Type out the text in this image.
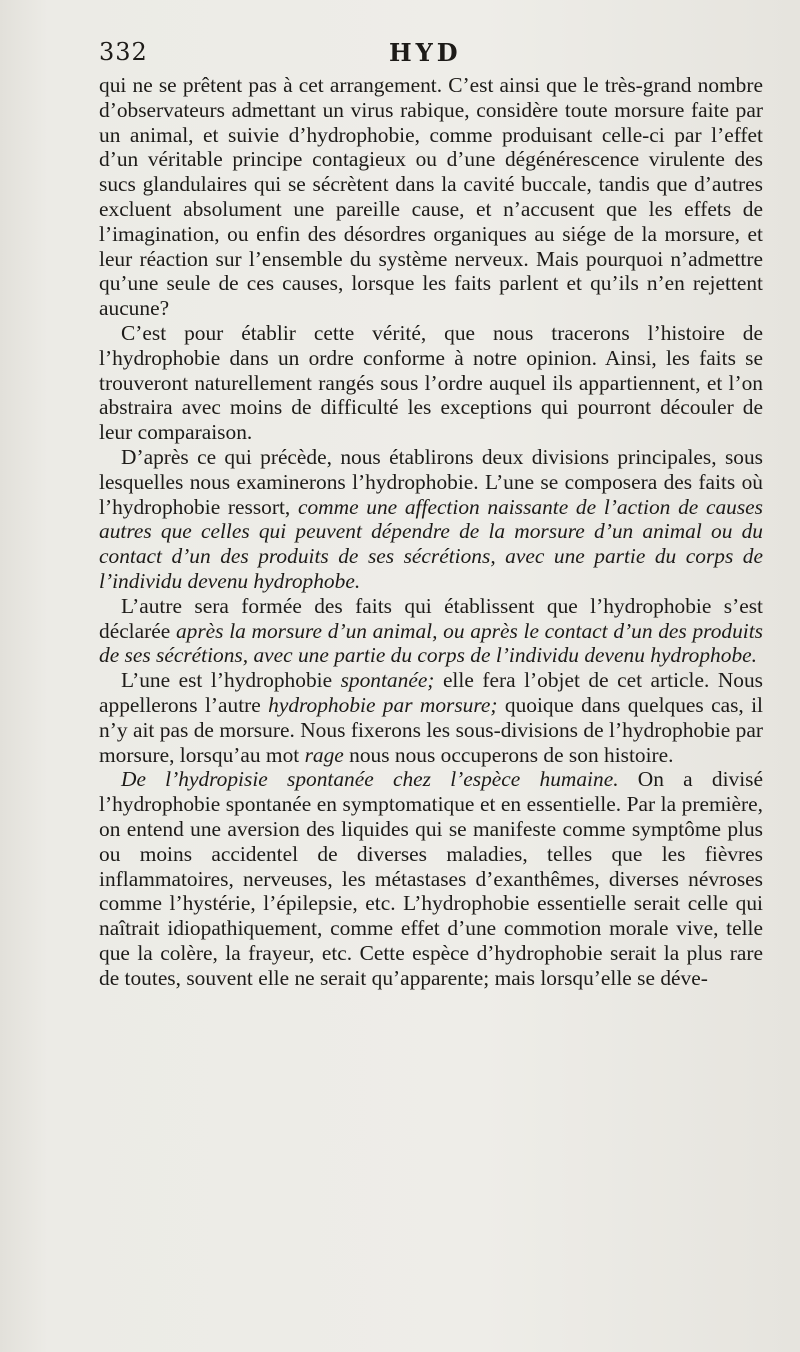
332	HYD

qui ne se prêtent pas à cet arrangement. C’est ainsi que le très-grand nombre d’observateurs admettant un virus rabique, considère toute morsure faite par un animal, et suivie d’hydrophobie, comme produisant celle-ci par l’effet d’un véritable principe contagieux ou d’une dégénérescence virulente des sucs glandulaires qui se sécrètent dans la cavité buccale, tandis que d’autres excluent absolument une pareille cause, et n’accusent que les effets de l’imagination, ou enfin des désordres organiques au siége de la morsure, et leur réaction sur l’ensemble du système nerveux. Mais pourquoi n’admettre qu’une seule de ces causes, lorsque les faits parlent et qu’ils n’en rejettent aucune?

C’est pour établir cette vérité, que nous tracerons l’histoire de l’hydrophobie dans un ordre conforme à notre opinion. Ainsi, les faits se trouveront naturellement rangés sous l’ordre auquel ils appartiennent, et l’on abstraira avec moins de difficulté les exceptions qui pourront découler de leur comparaison.

D’après ce qui précède, nous établirons deux divisions principales, sous lesquelles nous examinerons l’hydrophobie. L’une se composera des faits où l’hydrophobie ressort, comme une affection naissante de l’action de causes autres que celles qui peuvent dépendre de la morsure d’un animal ou du contact d’un des produits de ses sécrétions, avec une partie du corps de l’individu devenu hydrophobe.

L’autre sera formée des faits qui établissent que l’hydrophobie s’est déclarée après la morsure d’un animal, ou après le contact d’un des produits de ses sécrétions, avec une partie du corps de l’individu devenu hydrophobe.

L’une est l’hydrophobie spontanée; elle fera l’objet de cet article. Nous appellerons l’autre hydrophobie par morsure; quoique dans quelques cas, il n’y ait pas de morsure. Nous fixerons les sous-divisions de l’hydrophobie par morsure, lorsqu’au mot rage nous nous occuperons de son histoire.

De l’hydropisie spontanée chez l’espèce humaine. On a divisé l’hydrophobie spontanée en symptomatique et en essentielle. Par la première, on entend une aversion des liquides qui se manifeste comme symptôme plus ou moins accidentel de diverses maladies, telles que les fièvres inflammatoires, nerveuses, les métastases d’exanthêmes, diverses névroses comme l’hystérie, l’épilepsie, etc. L’hydrophobie essentielle serait celle qui naîtrait idiopathiquement, comme effet d’une commotion morale vive, telle que la colère, la frayeur, etc. Cette espèce d’hydrophobie serait la plus rare de toutes, souvent elle ne serait qu’apparente; mais lorsqu’elle se déve-
